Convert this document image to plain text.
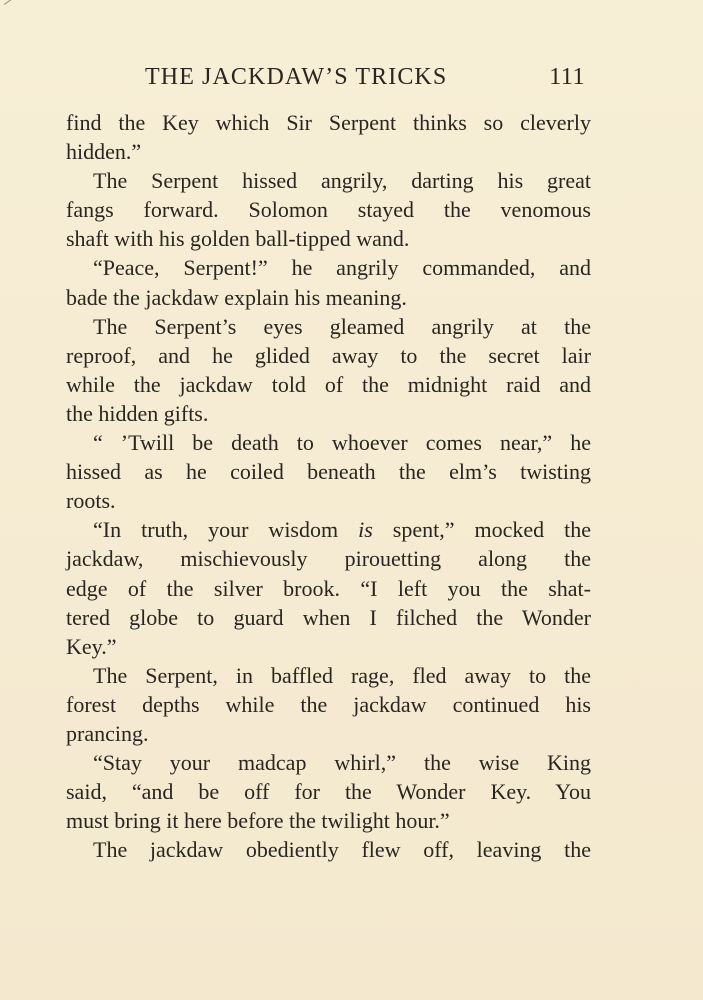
THE JACKDAW’S TRICKS	111
find the Key which Sir Serpent thinks so cleverly
hidden.”
The Serpent hissed angrily, darting his great
fangs forward. Solomon stayed the venomous
shaft with his golden ball-tipped wand.
“Peace, Serpent!” he angrily commanded, and
bade the jackdaw explain his meaning.
The Serpent’s eyes gleamed angrily at the
reproof, and he glided away to the secret lair
while the jackdaw told of the midnight raid and
the hidden gifts.
“ ’Twill be death to whoever comes near,” he
hissed as he coiled beneath the elm’s twisting
roots.
“In truth, your wisdom is spent,” mocked the
jackdaw, mischievously pirouetting along the
edge of the silver brook. “I left you the shat-
tered globe to guard when I filched the Wonder
Key.”
The Serpent, in baffled rage, fled away to the
forest depths while the jackdaw continued his
prancing.
“Stay your madcap whirl,” the wise King
said, “and be off for the Wonder Key. You
must bring it here before the twilight hour.”
The jackdaw obediently flew off, leaving the
